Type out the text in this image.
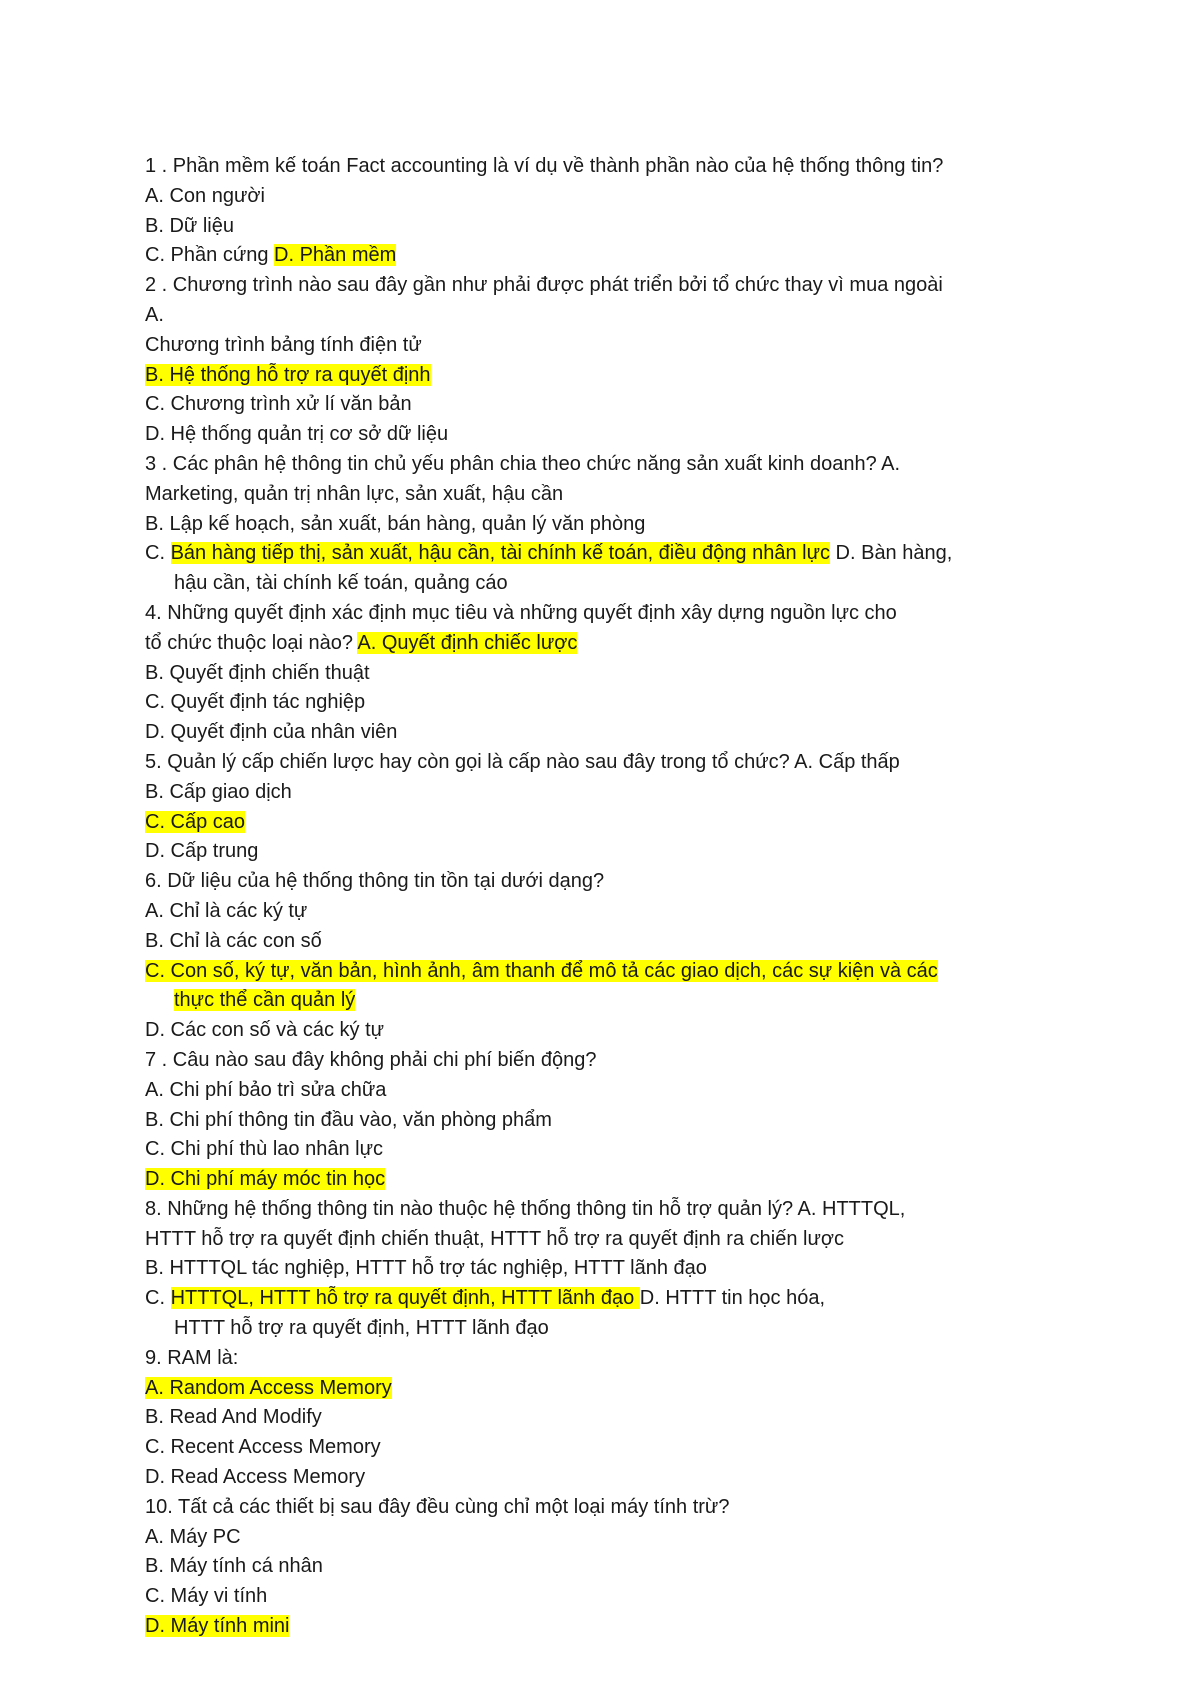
1 . Phần mềm kế toán Fact accounting là ví dụ về thành phần nào của hệ thống thông tin?
A. Con người
B. Dữ liệu
C. Phần cứng D. Phần mềm
2 . Chương trình nào sau đây gần như phải được phát triển bởi tổ chức thay vì mua ngoài
A.
Chương trình bảng tính điện tử
B. Hệ thống hỗ trợ ra quyết định
C. Chương trình xử lí văn bản
D. Hệ thống quản trị cơ sở dữ liệu
3 . Các phân hệ thông tin chủ yếu phân chia theo chức năng sản xuất kinh doanh? A.
Marketing, quản trị nhân lực, sản xuất, hậu cần
B. Lập kế hoạch, sản xuất, bán hàng, quản lý văn phòng
C. Bán hàng tiếp thị, sản xuất, hậu cần, tài chính kế toán, điều động nhân lực D. Bàn hàng,
hậu cần, tài chính kế toán, quảng cáo
4. Những quyết định xác định mục tiêu và những quyết định xây dựng nguồn lực cho
tổ chức thuộc loại nào? A. Quyết định chiếc lược
B. Quyết định chiến thuật
C. Quyết định tác nghiệp
D. Quyết định của nhân viên
5. Quản lý cấp chiến lược hay còn gọi là cấp nào sau đây trong tổ chức? A. Cấp thấp
B. Cấp giao dịch
C. Cấp cao
D. Cấp trung
6. Dữ liệu của hệ thống thông tin tồn tại dưới dạng?
A. Chỉ là các ký tự
B. Chỉ là các con số
C. Con số, ký tự, văn bản, hình ảnh, âm thanh để mô tả các giao dịch, các sự kiện và các
thực thể cần quản lý
D. Các con số và các ký tự
7 . Câu nào sau đây không phải chi phí biến động?
A. Chi phí bảo trì sửa chữa
B. Chi phí thông tin đầu vào, văn phòng phẩm
C. Chi phí thù lao nhân lực
D. Chi phí máy móc tin học
8. Những hệ thống thông tin nào thuộc hệ thống thông tin hỗ trợ quản lý? A. HTTTQL,
HTTT hỗ trợ ra quyết định chiến thuật, HTTT hỗ trợ ra quyết định ra chiến lược
B. HTTTQL tác nghiệp, HTTT hỗ trợ tác nghiệp, HTTT lãnh đạo
C. HTTTQL, HTTT hỗ trợ ra quyết định, HTTT lãnh đạo D. HTTT tin học hóa,
HTTT hỗ trợ ra quyết định, HTTT lãnh đạo
9. RAM là:
A. Random Access Memory
B. Read And Modify
C. Recent Access Memory
D. Read Access Memory
10. Tất cả các thiết bị sau đây đều cùng chỉ một loại máy tính trừ?
A. Máy PC
B. Máy tính cá nhân
C. Máy vi tính
D. Máy tính mini
